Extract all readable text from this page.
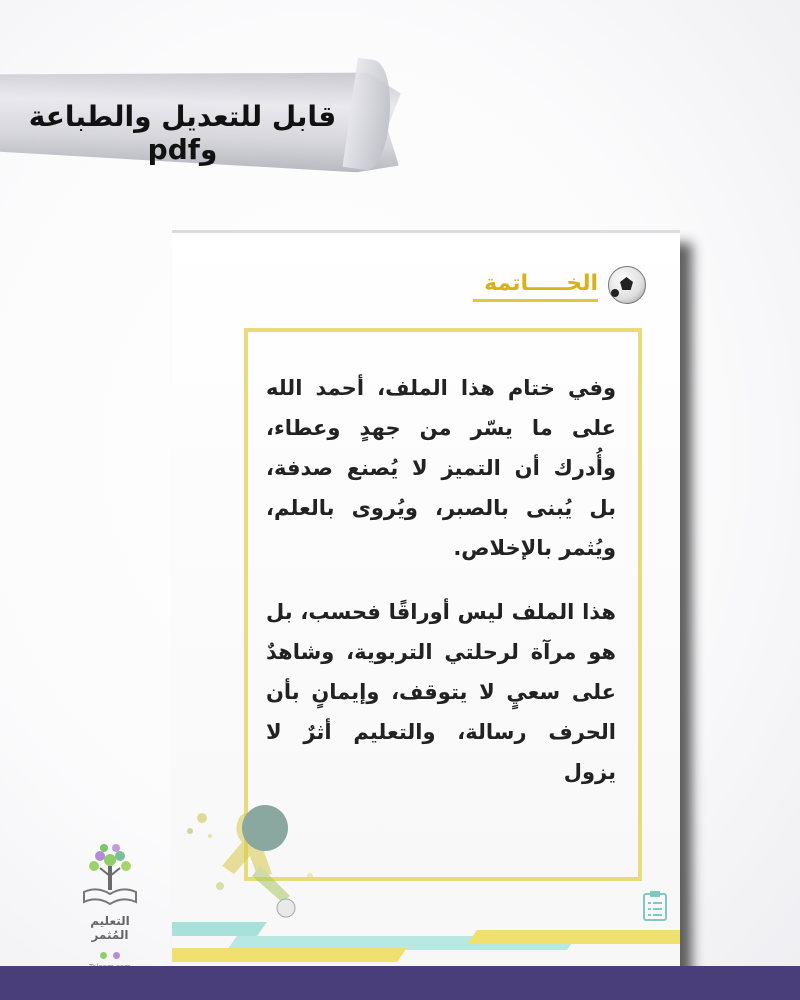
قابل للتعديل والطباعة وpdf
الخـــــاتمة

وفي ختام هذا الملف، أحمد الله على ما يسّر من جهدٍ وعطاء، وأُدرك أن التميز لا يُصنع صدفة، بل يُبنى بالصبر، ويُروى بالعلم، ويُثمر بالإخلاص.

هذا الملف ليس أوراقًا فحسب، بل هو مرآة لرحلتي التربوية، وشاهدٌ على سعيٍ لا يتوقف، وإيمانٍ بأن الحرف رسالة، والتعليم أثرٌ لا يزول

التعليم المُثمر
